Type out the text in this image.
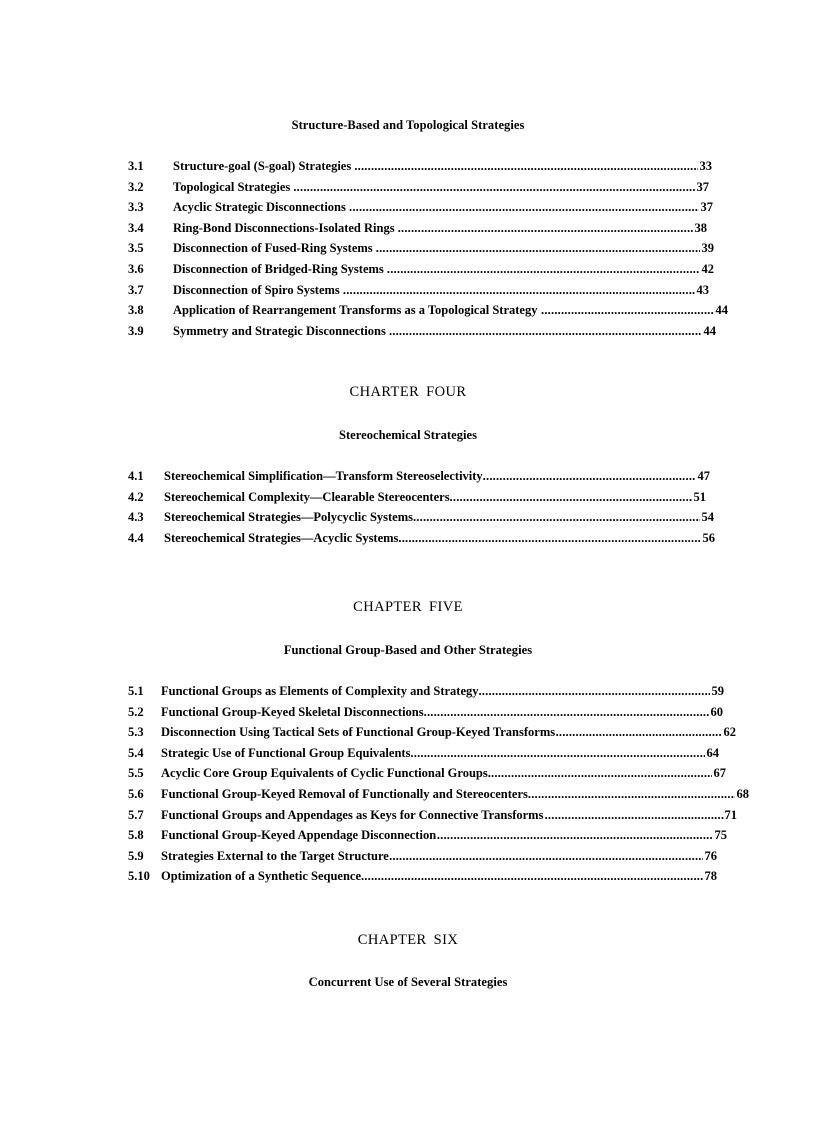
Structure-Based and Topological Strategies
3.1 Structure-goal (S-goal) Strategies .....	33
3.2 Topological Strategies .....	37
3.3 Acyclic Strategic Disconnections .....	37
3.4 Ring-Bond Disconnections-Isolated Rings .....	38
3.5 Disconnection of Fused-Ring Systems .....	39
3.6 Disconnection of Bridged-Ring Systems .....	42
3.7 Disconnection of Spiro Systems .....	43
3.8 Application of Rearrangement Transforms as a Topological Strategy .....	44
3.9 Symmetry and Strategic Disconnections .....	44
CHARTER FOUR
Stereochemical Strategies
4.1 Stereochemical Simplification—Transform Stereoselectivity .....	47
4.2 Stereochemical Complexity—Clearable Stereocenters .....	51
4.3 Stereochemical Strategies—Polycyclic Systems .....	54
4.4 Stereochemical Strategies—Acyclic Systems .....	56
CHAPTER FIVE
Functional Group-Based and Other Strategies
5.1 Functional Groups as Elements of Complexity and Strategy .....	59
5.2 Functional Group-Keyed Skeletal Disconnections .....	60
5.3 Disconnection Using Tactical Sets of Functional Group-Keyed Transforms .....	62
5.4 Strategic Use of Functional Group Equivalents .....	64
5.5 Acyclic Core Group Equivalents of Cyclic Functional Groups .....	67
5.6 Functional Group-Keyed Removal of Functionally and Stereocenters .....	68
5.7 Functional Groups and Appendages as Keys for Connective Transforms .....	71
5.8 Functional Group-Keyed Appendage Disconnection .....	75
5.9 Strategies External to the Target Structure .....	76
5.10 Optimization of a Synthetic Sequence .....	78
CHAPTER SIX
Concurrent Use of Several Strategies
